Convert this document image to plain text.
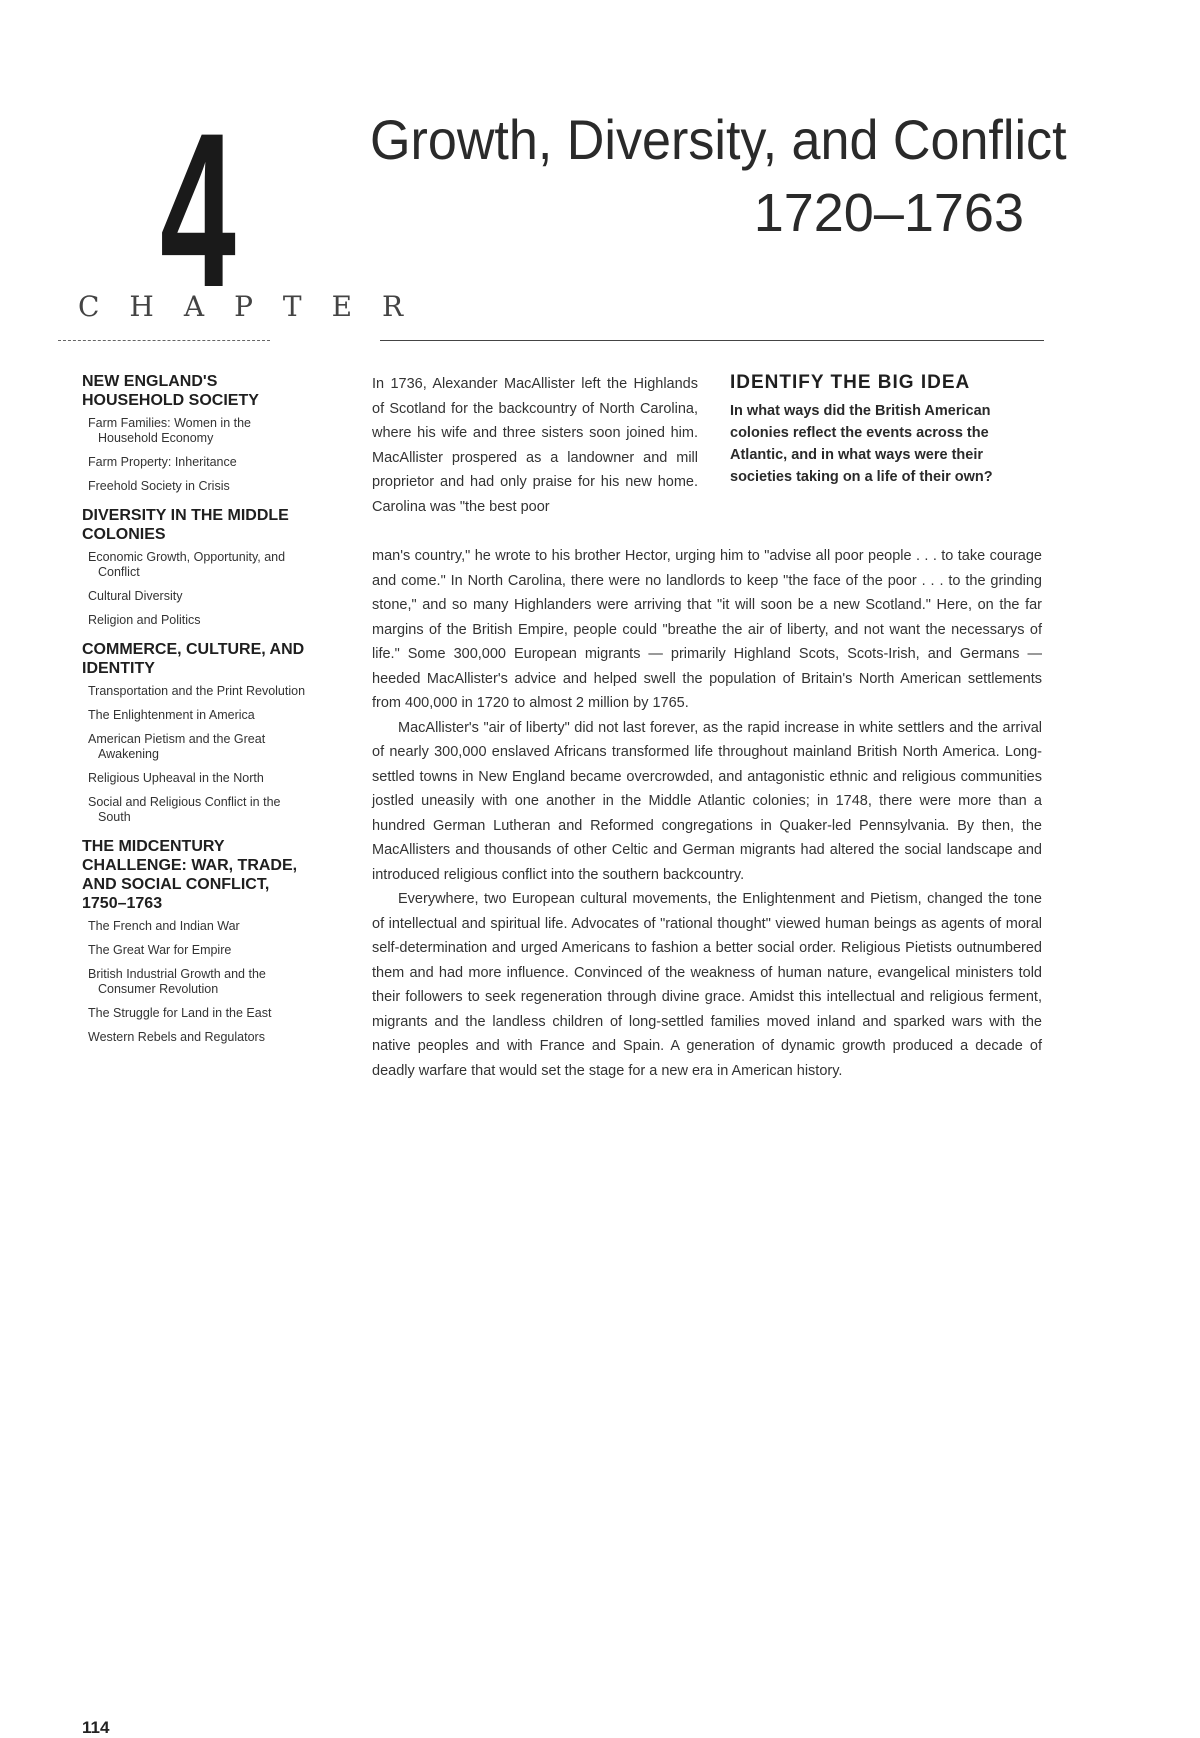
4
CHAPTER
Growth, Diversity, and Conflict
1720–1763
NEW ENGLAND'S HOUSEHOLD SOCIETY
Farm Families: Women in the Household Economy
Farm Property: Inheritance
Freehold Society in Crisis
DIVERSITY IN THE MIDDLE COLONIES
Economic Growth, Opportunity, and Conflict
Cultural Diversity
Religion and Politics
COMMERCE, CULTURE, AND IDENTITY
Transportation and the Print Revolution
The Enlightenment in America
American Pietism and the Great Awakening
Religious Upheaval in the North
Social and Religious Conflict in the South
THE MIDCENTURY CHALLENGE: WAR, TRADE, AND SOCIAL CONFLICT, 1750–1763
The French and Indian War
The Great War for Empire
British Industrial Growth and the Consumer Revolution
The Struggle for Land in the East
Western Rebels and Regulators
IDENTIFY THE BIG IDEA
In what ways did the British American colonies reflect the events across the Atlantic, and in what ways were their societies taking on a life of their own?
In 1736, Alexander MacAllister left the Highlands of Scotland for the backcountry of North Carolina, where his wife and three sisters soon joined him. MacAllister prospered as a landowner and mill proprietor and had only praise for his new home. Carolina was "the best poor

man's country," he wrote to his brother Hector, urging him to "advise all poor people . . . to take courage and come." In North Carolina, there were no landlords to keep "the face of the poor . . . to the grinding stone," and so many Highlanders were arriving that "it will soon be a new Scotland." Here, on the far margins of the British Empire, people could "breathe the air of liberty, and not want the necessarys of life." Some 300,000 European migrants — primarily Highland Scots, Scots-Irish, and Germans — heeded MacAllister's advice and helped swell the population of Britain's North American settlements from 400,000 in 1720 to almost 2 million by 1765.

MacAllister's "air of liberty" did not last forever, as the rapid increase in white settlers and the arrival of nearly 300,000 enslaved Africans transformed life throughout mainland British North America. Long-settled towns in New England became overcrowded, and antagonistic ethnic and religious communities jostled uneasily with one another in the Middle Atlantic colonies; in 1748, there were more than a hundred German Lutheran and Reformed congregations in Quaker-led Pennsylvania. By then, the MacAllisters and thousands of other Celtic and German migrants had altered the social landscape and introduced religious conflict into the southern backcountry.

Everywhere, two European cultural movements, the Enlightenment and Pietism, changed the tone of intellectual and spiritual life. Advocates of "rational thought" viewed human beings as agents of moral self-determination and urged Americans to fashion a better social order. Religious Pietists outnumbered them and had more influence. Convinced of the weakness of human nature, evangelical ministers told their followers to seek regeneration through divine grace. Amidst this intellectual and religious ferment, migrants and the landless children of long-settled families moved inland and sparked wars with the native peoples and with France and Spain. A generation of dynamic growth produced a decade of deadly warfare that would set the stage for a new era in American history.

114
